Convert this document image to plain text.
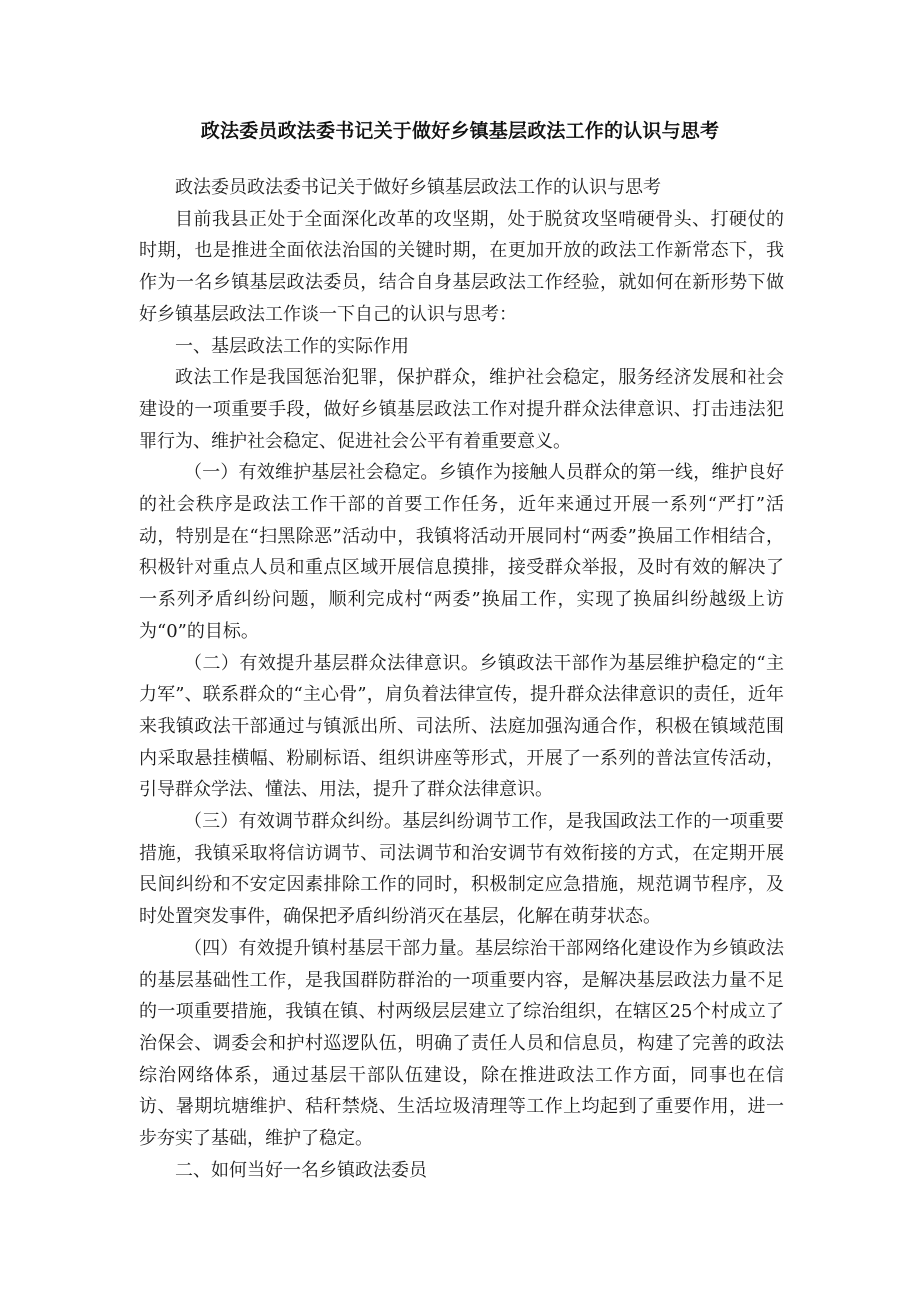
政法委员政法委书记关于做好乡镇基层政法工作的认识与思考

政法委员政法委书记关于做好乡镇基层政法工作的认识与思考

目前我县正处于全面深化改革的攻坚期，处于脱贫攻坚啃硬骨头、打硬仗的时期，也是推进全面依法治国的关键时期，在更加开放的政法工作新常态下，我作为一名乡镇基层政法委员，结合自身基层政法工作经验，就如何在新形势下做好乡镇基层政法工作谈一下自己的认识与思考：

一、基层政法工作的实际作用

政法工作是我国惩治犯罪，保护群众，维护社会稳定，服务经济发展和社会建设的一项重要手段，做好乡镇基层政法工作对提升群众法律意识、打击违法犯罪行为、维护社会稳定、促进社会公平有着重要意义。

（一）有效维护基层社会稳定。乡镇作为接触人员群众的第一线，维护良好的社会秩序是政法工作干部的首要工作任务，近年来通过开展一系列“严打”活动，特别是在“扫黑除恶”活动中，我镇将活动开展同村“两委”换届工作相结合，积极针对重点人员和重点区域开展信息摸排，接受群众举报，及时有效的解决了一系列矛盾纠纷问题，顺利完成村“两委”换届工作，实现了换届纠纷越级上访为“0”的目标。

（二）有效提升基层群众法律意识。乡镇政法干部作为基层维护稳定的“主力军”、联系群众的“主心骨”，肩负着法律宣传，提升群众法律意识的责任，近年来我镇政法干部通过与镇派出所、司法所、法庭加强沟通合作，积极在镇域范围内采取悬挂横幅、粉刷标语、组织讲座等形式，开展了一系列的普法宣传活动，引导群众学法、懂法、用法，提升了群众法律意识。

（三）有效调节群众纠纷。基层纠纷调节工作，是我国政法工作的一项重要措施，我镇采取将信访调节、司法调节和治安调节有效衔接的方式，在定期开展民间纠纷和不安定因素排除工作的同时，积极制定应急措施，规范调节程序，及时处置突发事件，确保把矛盾纠纷消灭在基层，化解在萌芽状态。

（四）有效提升镇村基层干部力量。基层综治干部网络化建设作为乡镇政法的基层基础性工作，是我国群防群治的一项重要内容，是解决基层政法力量不足的一项重要措施，我镇在镇、村两级层层建立了综治组织，在辖区25个村成立了治保会、调委会和护村巡逻队伍，明确了责任人员和信息员，构建了完善的政法综治网络体系，通过基层干部队伍建设，除在推进政法工作方面，同事也在信访、暑期坑塘维护、秸秆禁烧、生活垃圾清理等工作上均起到了重要作用，进一步夯实了基础，维护了稳定。

二、如何当好一名乡镇政法委员
